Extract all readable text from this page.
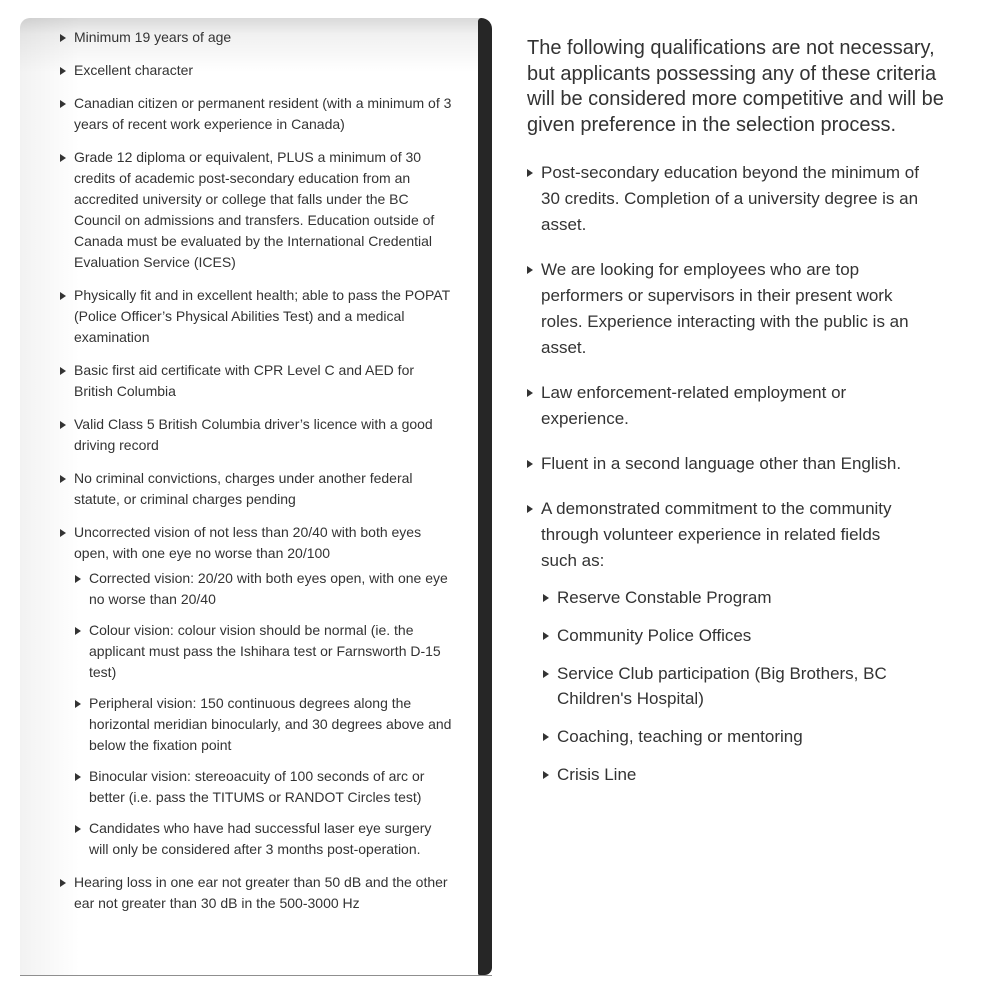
Minimum 19 years of age
Excellent character
Canadian citizen or permanent resident (with a minimum of 3 years of recent work experience in Canada)
Grade 12 diploma or equivalent, PLUS a minimum of 30 credits of academic post-secondary education from an accredited university or college that falls under the BC Council on admissions and transfers. Education outside of Canada must be evaluated by the International Credential Evaluation Service (ICES)
Physically fit and in excellent health; able to pass the POPAT (Police Officer’s Physical Abilities Test) and a medical examination
Basic first aid certificate with CPR Level C and AED for British Columbia
Valid Class 5 British Columbia driver’s licence with a good driving record
No criminal convictions, charges under another federal statute, or criminal charges pending
Uncorrected vision of not less than 20/40 with both eyes open, with one eye no worse than 20/100
Corrected vision: 20/20 with both eyes open, with one eye no worse than 20/40
Colour vision: colour vision should be normal (ie. the applicant must pass the Ishihara test or Farnsworth D-15 test)
Peripheral vision: 150 continuous degrees along the horizontal meridian binocularly, and 30 degrees above and below the fixation point
Binocular vision: stereoacuity of 100 seconds of arc or better (i.e. pass the TITUMS or RANDOT Circles test)
Candidates who have had successful laser eye surgery will only be considered after 3 months post-operation.
Hearing loss in one ear not greater than 50 dB and the other ear not greater than 30 dB in the 500-3000 Hz

The following qualifications are not necessary, but applicants possessing any of these criteria will be considered more competitive and will be given preference in the selection process.

Post-secondary education beyond the minimum of 30 credits. Completion of a university degree is an asset.
We are looking for employees who are top performers or supervisors in their present work roles. Experience interacting with the public is an asset.
Law enforcement-related employment or experience.
Fluent in a second language other than English.
A demonstrated commitment to the community through volunteer experience in related fields such as:
Reserve Constable Program
Community Police Offices
Service Club participation (Big Brothers, BC Children's Hospital)
Coaching, teaching or mentoring
Crisis Line
